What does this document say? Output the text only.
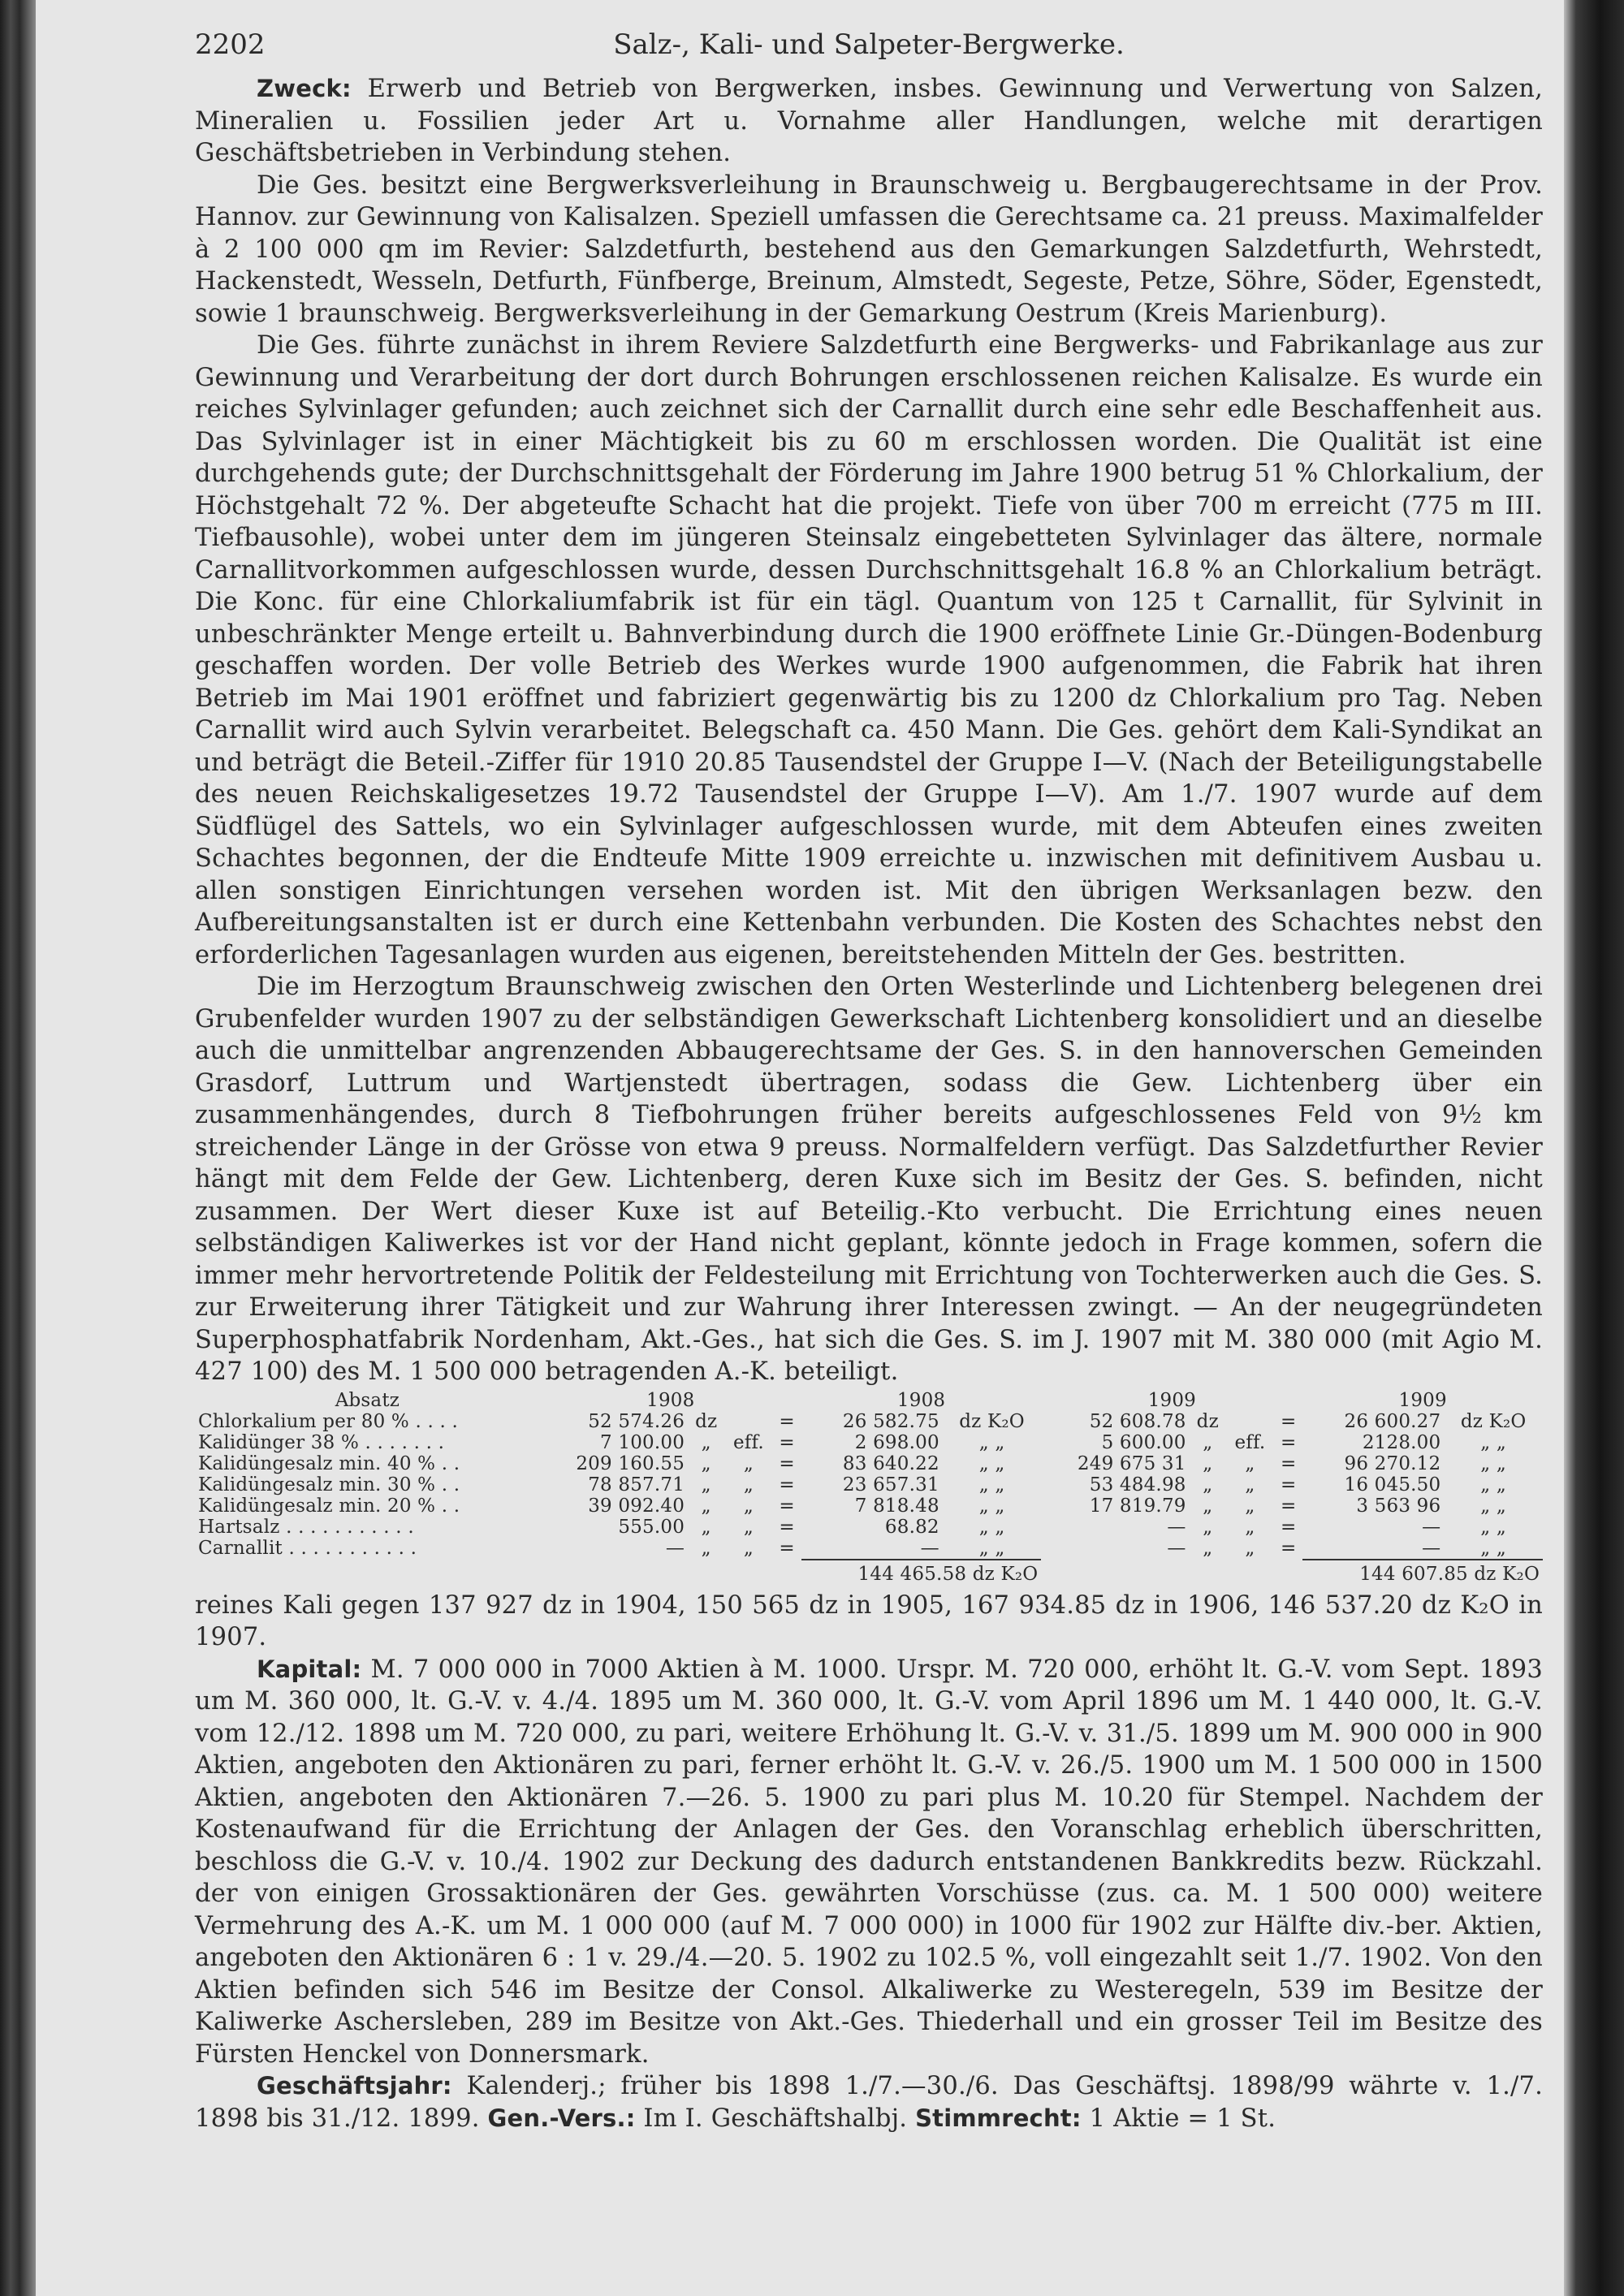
2202	Salz-, Kali- und Salpeter-Bergwerke.

Zweck: Erwerb und Betrieb von Bergwerken, insbes. Gewinnung und Verwertung von Salzen, Mineralien u. Fossilien jeder Art u. Vornahme aller Handlungen, welche mit derartigen Geschäftsbetrieben in Verbindung stehen.

Die Ges. besitzt eine Bergwerksverleihung in Braunschweig u. Bergbaugerechtsame in der Prov. Hannov. zur Gewinnung von Kalisalzen. Speziell umfassen die Gerechtsame ca. 21 preuss. Maximalfelder à 2 100 000 qm im Revier: Salzdetfurth, bestehend aus den Gemarkungen Salzdetfurth, Wehrstedt, Hackenstedt, Wesseln, Detfurth, Fünfberge, Breinum, Almstedt, Segeste, Petze, Söhre, Söder, Egenstedt, sowie 1 braunschweig. Bergwerksverleihung in der Gemarkung Oestrum (Kreis Marienburg).

Die Ges. führte zunächst in ihrem Reviere Salzdetfurth eine Bergwerks- und Fabrikanlage aus zur Gewinnung und Verarbeitung der dort durch Bohrungen erschlossenen reichen Kalisalze. Es wurde ein reiches Sylvinlager gefunden; auch zeichnet sich der Carnallit durch eine sehr edle Beschaffenheit aus. Das Sylvinlager ist in einer Mächtigkeit bis zu 60 m erschlossen worden. Die Qualität ist eine durchgehends gute; der Durchschnittsgehalt der Förderung im Jahre 1900 betrug 51 % Chlorkalium, der Höchstgehalt 72 %. Der abgeteufte Schacht hat die projekt. Tiefe von über 700 m erreicht (775 m III. Tiefbausohle), wobei unter dem im jüngeren Steinsalz eingebetteten Sylvinlager das ältere, normale Carnallitvorkommen aufgeschlossen wurde, dessen Durchschnittsgehalt 16.8 % an Chlorkalium beträgt. Die Konc. für eine Chlorkaliumfabrik ist für ein tägl. Quantum von 125 t Carnallit, für Sylvinit in unbeschränkter Menge erteilt u. Bahnverbindung durch die 1900 eröffnete Linie Gr.-Düngen-Bodenburg geschaffen worden. Der volle Betrieb des Werkes wurde 1900 aufgenommen, die Fabrik hat ihren Betrieb im Mai 1901 eröffnet und fabriziert gegenwärtig bis zu 1200 dz Chlorkalium pro Tag. Neben Carnallit wird auch Sylvin verarbeitet. Belegschaft ca. 450 Mann. Die Ges. gehört dem Kali-Syndikat an und beträgt die Beteil.-Ziffer für 1910 20.85 Tausendstel der Gruppe I—V. (Nach der Beteiligungstabelle des neuen Reichskaligesetzes 19.72 Tausendstel der Gruppe I—V). Am 1./7. 1907 wurde auf dem Südflügel des Sattels, wo ein Sylvinlager aufgeschlossen wurde, mit dem Abteufen eines zweiten Schachtes begonnen, der die Endteufe Mitte 1909 erreichte u. inzwischen mit definitivem Ausbau u. allen sonstigen Einrichtungen versehen worden ist. Mit den übrigen Werksanlagen bezw. den Aufbereitungsanstalten ist er durch eine Kettenbahn verbunden. Die Kosten des Schachtes nebst den erforderlichen Tagesanlagen wurden aus eigenen, bereitstehenden Mitteln der Ges. bestritten.

Die im Herzogtum Braunschweig zwischen den Orten Westerlinde und Lichtenberg belegenen drei Grubenfelder wurden 1907 zu der selbständigen Gewerkschaft Lichtenberg konsolidiert und an dieselbe auch die unmittelbar angrenzenden Abbaugerechtsame der Ges. S. in den hannoverschen Gemeinden Grasdorf, Luttrum und Wartjenstedt übertragen, sodass die Gew. Lichtenberg über ein zusammenhängendes, durch 8 Tiefbohrungen früher bereits aufgeschlossenes Feld von 9½ km streichender Länge in der Grösse von etwa 9 preuss. Normalfeldern verfügt. Das Salzdetfurther Revier hängt mit dem Felde der Gew. Lichtenberg, deren Kuxe sich im Besitz der Ges. S. befinden, nicht zusammen. Der Wert dieser Kuxe ist auf Beteilig.-Kto verbucht. Die Errichtung eines neuen selbständigen Kaliwerkes ist vor der Hand nicht geplant, könnte jedoch in Frage kommen, sofern die immer mehr hervortretende Politik der Feldesteilung mit Errichtung von Tochterwerken auch die Ges. S. zur Erweiterung ihrer Tätigkeit und zur Wahrung ihrer Interessen zwingt. — An der neugegründeten Superphosphatfabrik Nordenham, Akt.-Ges., hat sich die Ges. S. im J. 1907 mit M. 380 000 (mit Agio M. 427 100) des M. 1 500 000 betragenden A.-K. beteiligt.

Absatz	1908				1908		1909				1909	
Chlorkalium per 80 % . . . .	52 574.26	dz		=	26 582.75	dz K₂O	52 608.78	dz		=	26 600.27	dz K₂O
Kalidünger 38 % . . . . . . .	7 100.00	„	eff.	=	2 698.00	„ „	5 600.00	„	eff.	=	2128.00	„ „
Kalidüngesalz min. 40 % . .	209 160.55	„	„	=	83 640.22	„ „	249 675 31	„	„	=	96 270.12	„ „
Kalidüngesalz min. 30 % . .	78 857.71	„	„	=	23 657.31	„ „	53 484.98	„	„	=	16 045.50	„ „
Kalidüngesalz min. 20 % . .	39 092.40	„	„	=	7 818.48	„ „	17 819.79	„	„	=	3 563 96	„ „
Hartsalz . . . . . . . . . . .	555.00	„	„	=	68.82	„ „	—	„	„	=	—	„ „
Carnallit . . . . . . . . . . .	—	„	„	=	—	„ „	—	„	„	=	—	„ „
					144 465.58 dz K₂O						144 607.85 dz K₂O	

reines Kali gegen 137 927 dz in 1904, 150 565 dz in 1905, 167 934.85 dz in 1906, 146 537.20 dz K₂O in 1907.

Kapital: M. 7 000 000 in 7000 Aktien à M. 1000. Urspr. M. 720 000, erhöht lt. G.-V. vom Sept. 1893 um M. 360 000, lt. G.-V. v. 4./4. 1895 um M. 360 000, lt. G.-V. vom April 1896 um M. 1 440 000, lt. G.-V. vom 12./12. 1898 um M. 720 000, zu pari, weitere Erhöhung lt. G.-V. v. 31./5. 1899 um M. 900 000 in 900 Aktien, angeboten den Aktionären zu pari, ferner erhöht lt. G.-V. v. 26./5. 1900 um M. 1 500 000 in 1500 Aktien, angeboten den Aktionären 7.—26. 5. 1900 zu pari plus M. 10.20 für Stempel. Nachdem der Kostenaufwand für die Errichtung der Anlagen der Ges. den Voranschlag erheblich überschritten, beschloss die G.-V. v. 10./4. 1902 zur Deckung des dadurch entstandenen Bankkredits bezw. Rückzahl. der von einigen Grossaktionären der Ges. gewährten Vorschüsse (zus. ca. M. 1 500 000) weitere Vermehrung des A.-K. um M. 1 000 000 (auf M. 7 000 000) in 1000 für 1902 zur Hälfte div.-ber. Aktien, angeboten den Aktionären 6 : 1 v. 29./4.—20. 5. 1902 zu 102.5 %, voll eingezahlt seit 1./7. 1902. Von den Aktien befinden sich 546 im Besitze der Consol. Alkaliwerke zu Westeregeln, 539 im Besitze der Kaliwerke Aschersleben, 289 im Besitze von Akt.-Ges. Thiederhall und ein grosser Teil im Besitze des Fürsten Henckel von Donnersmark.

Geschäftsjahr: Kalenderj.; früher bis 1898 1./7.—30./6. Das Geschäftsj. 1898/99 währte v. 1./7. 1898 bis 31./12. 1899. Gen.-Vers.: Im I. Geschäftshalbj. Stimmrecht: 1 Aktie = 1 St.
